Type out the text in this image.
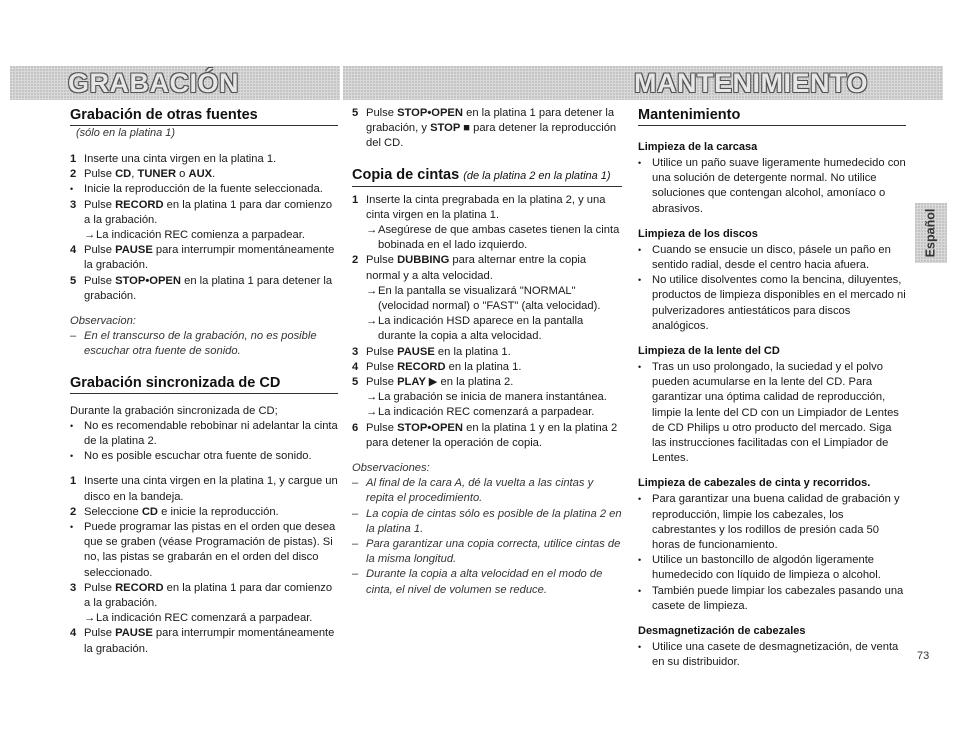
GRABACIÓN	MANTENIMIENTO
Grabación de otras fuentes

(sólo en la platina 1)

1 Inserte una cinta virgen en la platina 1.
2 Pulse CD, TUNER o AUX.
• Inicie la reproducción de la fuente seleccionada.
3 Pulse RECORD en la platina 1 para dar comienzo a la grabación.
→ La indicación REC comienza a parpadear.
4 Pulse PAUSE para interrumpir momentáneamente la grabación.
5 Pulse STOP•OPEN en la platina 1 para detener la grabación.
Observacion:
– En el transcurso de la grabación, no es posible escuchar otra fuente de sonido.
Grabación sincronizada de CD
Durante la grabación sincronizada de CD;
• No es recomendable rebobinar ni adelantar la cinta de la platina 2.
• No es posible escuchar otra fuente de sonido.
1 Inserte una cinta virgen en la platina 1, y cargue un disco en la bandeja.
2 Seleccione CD e inicie la reproducción.
• Puede programar las pistas en el orden que desea que se graben (véase Programación de pistas). Si no, las pistas se grabarán en el orden del disco seleccionado.
3 Pulse RECORD en la platina 1 para dar comienzo a la grabación.
→ La indicación REC comenzará a parpadear.
4 Pulse PAUSE para interrumpir momentáneamente la grabación.
5 Pulse STOP•OPEN en la platina 1 para detener la grabación, y STOP ■ para detener la reproducción del CD.
Copia de cintas (de la platina 2 en la platina 1)
1 Inserte la cinta pregrabada en la platina 2, y una cinta virgen en la platina 1.
→ Asegúrese de que ambas casetes tienen la cinta bobinada en el lado izquierdo.
2 Pulse DUBBING para alternar entre la copia normal y a alta velocidad.
→ En la pantalla se visualizará "NORMAL" (velocidad normal) o "FAST" (alta velocidad).
→ La indicación HSD aparece en la pantalla durante la copia a alta velocidad.
3 Pulse PAUSE en la platina 1.
4 Pulse RECORD en la platina 1.
5 Pulse PLAY ▶ en la platina 2.
→ La grabación se inicia de manera instantánea.
→ La indicación REC comenzará a parpadear.
6 Pulse STOP•OPEN en la platina 1 y en la platina 2 para detener la operación de copia.
Observaciones:
– Al final de la cara A, dé la vuelta a las cintas y repita el procedimiento.
– La copia de cintas sólo es posible de la platina 2 en la platina 1.
– Para garantizar una copia correcta, utilice cintas de la misma longitud.
– Durante la copia a alta velocidad en el modo de cinta, el nivel de volumen se reduce.
Mantenimiento
Limpieza de la carcasa
• Utilice un paño suave ligeramente humedecido con una solución de detergente normal. No utilice soluciones que contengan alcohol, amoníaco o abrasivos.
Limpieza de los discos
• Cuando se ensucie un disco, pásele un paño en sentido radial, desde el centro hacia afuera.
• No utilice disolventes como la bencina, diluyentes, productos de limpieza disponibles en el mercado ni pulverizadores antiestáticos para discos analógicos.
Limpieza de la lente del CD
• Tras un uso prolongado, la suciedad y el polvo pueden acumularse en la lente del CD. Para garantizar una óptima calidad de reproducción, limpie la lente del CD con un Limpiador de Lentes de CD Philips u otro producto del mercado. Siga las instrucciones facilitadas con el Limpiador de Lentes.
Limpieza de cabezales de cinta y recorridos.
• Para garantizar una buena calidad de grabación y reproducción, limpie los cabezales, los cabrestantes y los rodillos de presión cada 50 horas de funcionamiento.
• Utilice un bastoncillo de algodón ligeramente humedecido con líquido de limpieza o alcohol.
• También puede limpiar los cabezales pasando una casete de limpieza.
Desmagnetización de cabezales
• Utilice una casete de desmagnetización, de venta en su distribuidor.
Español
73
